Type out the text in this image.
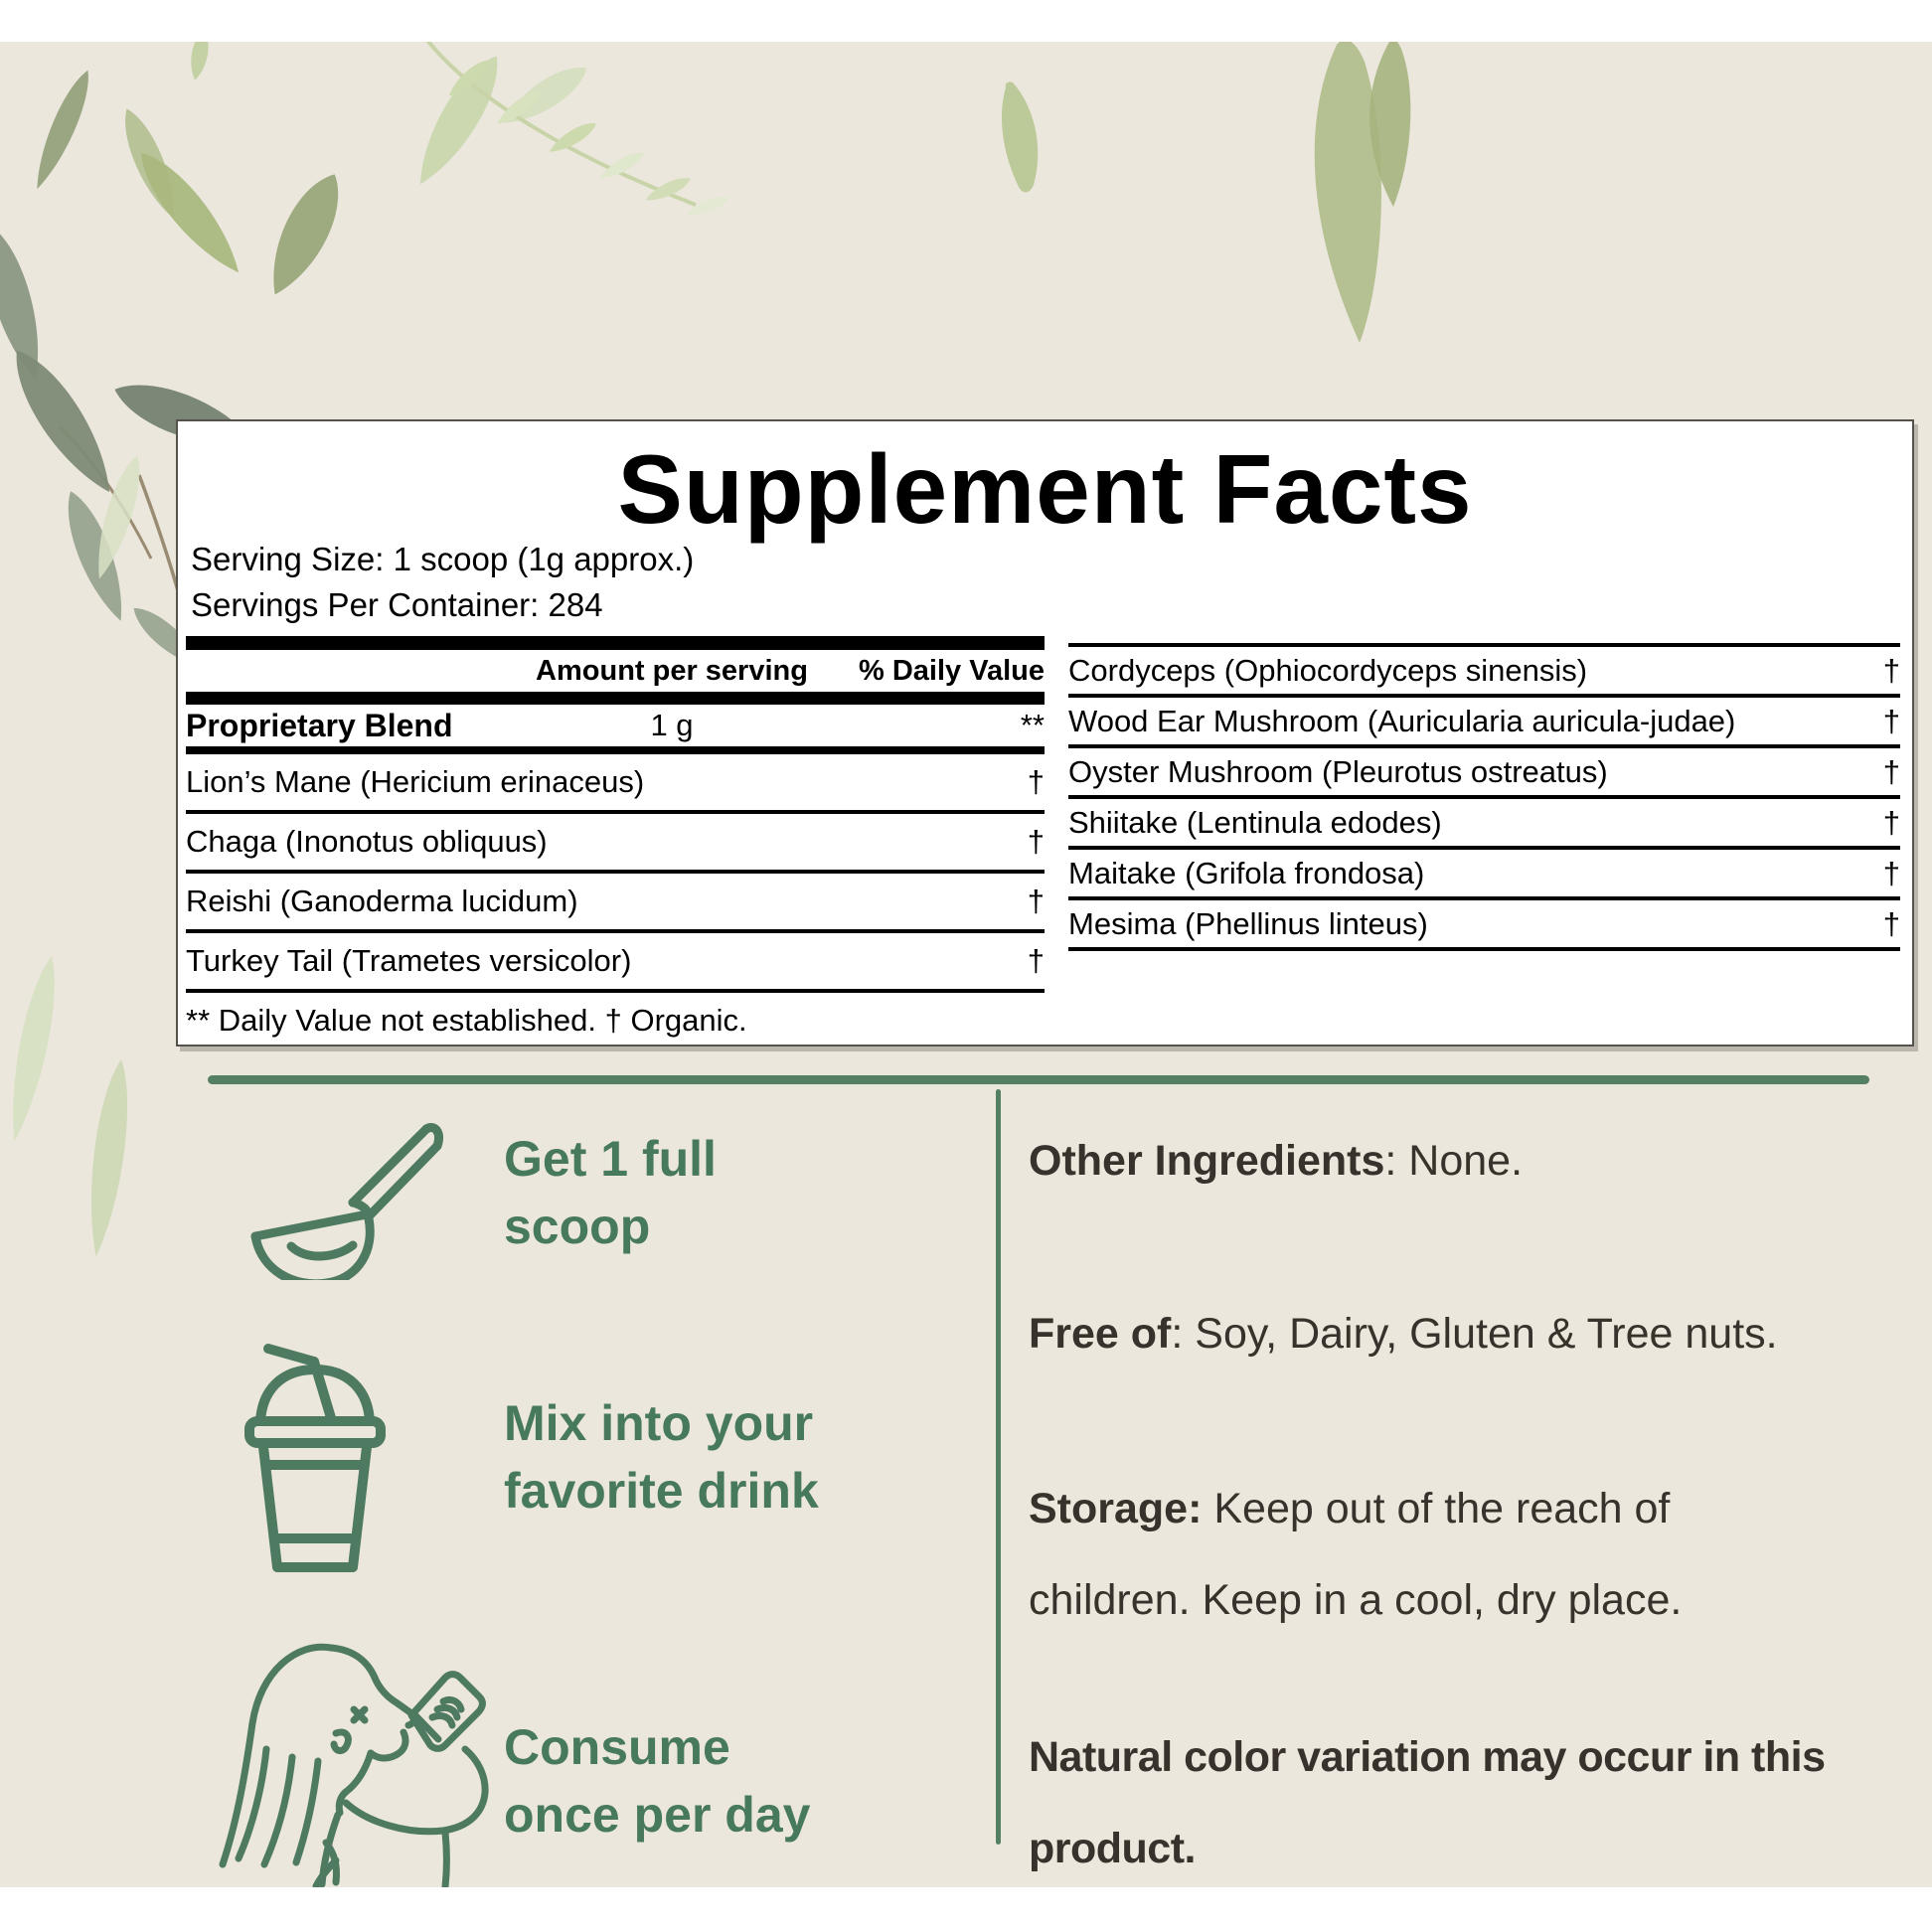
Supplement Facts
Serving Size: 1 scoop (1g approx.)
Servings Per Container: 284
Amount per serving	% Daily Value
Proprietary Blend	1 g	**
Lion’s Mane (Hericium erinaceus)	†
Chaga (Inonotus obliquus)	†
Reishi (Ganoderma lucidum)	†
Turkey Tail (Trametes versicolor)	†
** Daily Value not established. † Organic.
Cordyceps (Ophiocordyceps sinensis)	†
Wood Ear Mushroom (Auricularia auricula-judae)	†
Oyster Mushroom (Pleurotus ostreatus)	†
Shiitake (Lentinula edodes)	†
Maitake (Grifola frondosa)	†
Mesima (Phellinus linteus)	†
Get 1 full
scoop
Mix into your
favorite drink
Consume
once per day
Other Ingredients: None.
Free of: Soy, Dairy, Gluten & Tree nuts.
Storage: Keep out of the reach of children. Keep in a cool, dry place.
Natural color variation may occur in this product.
